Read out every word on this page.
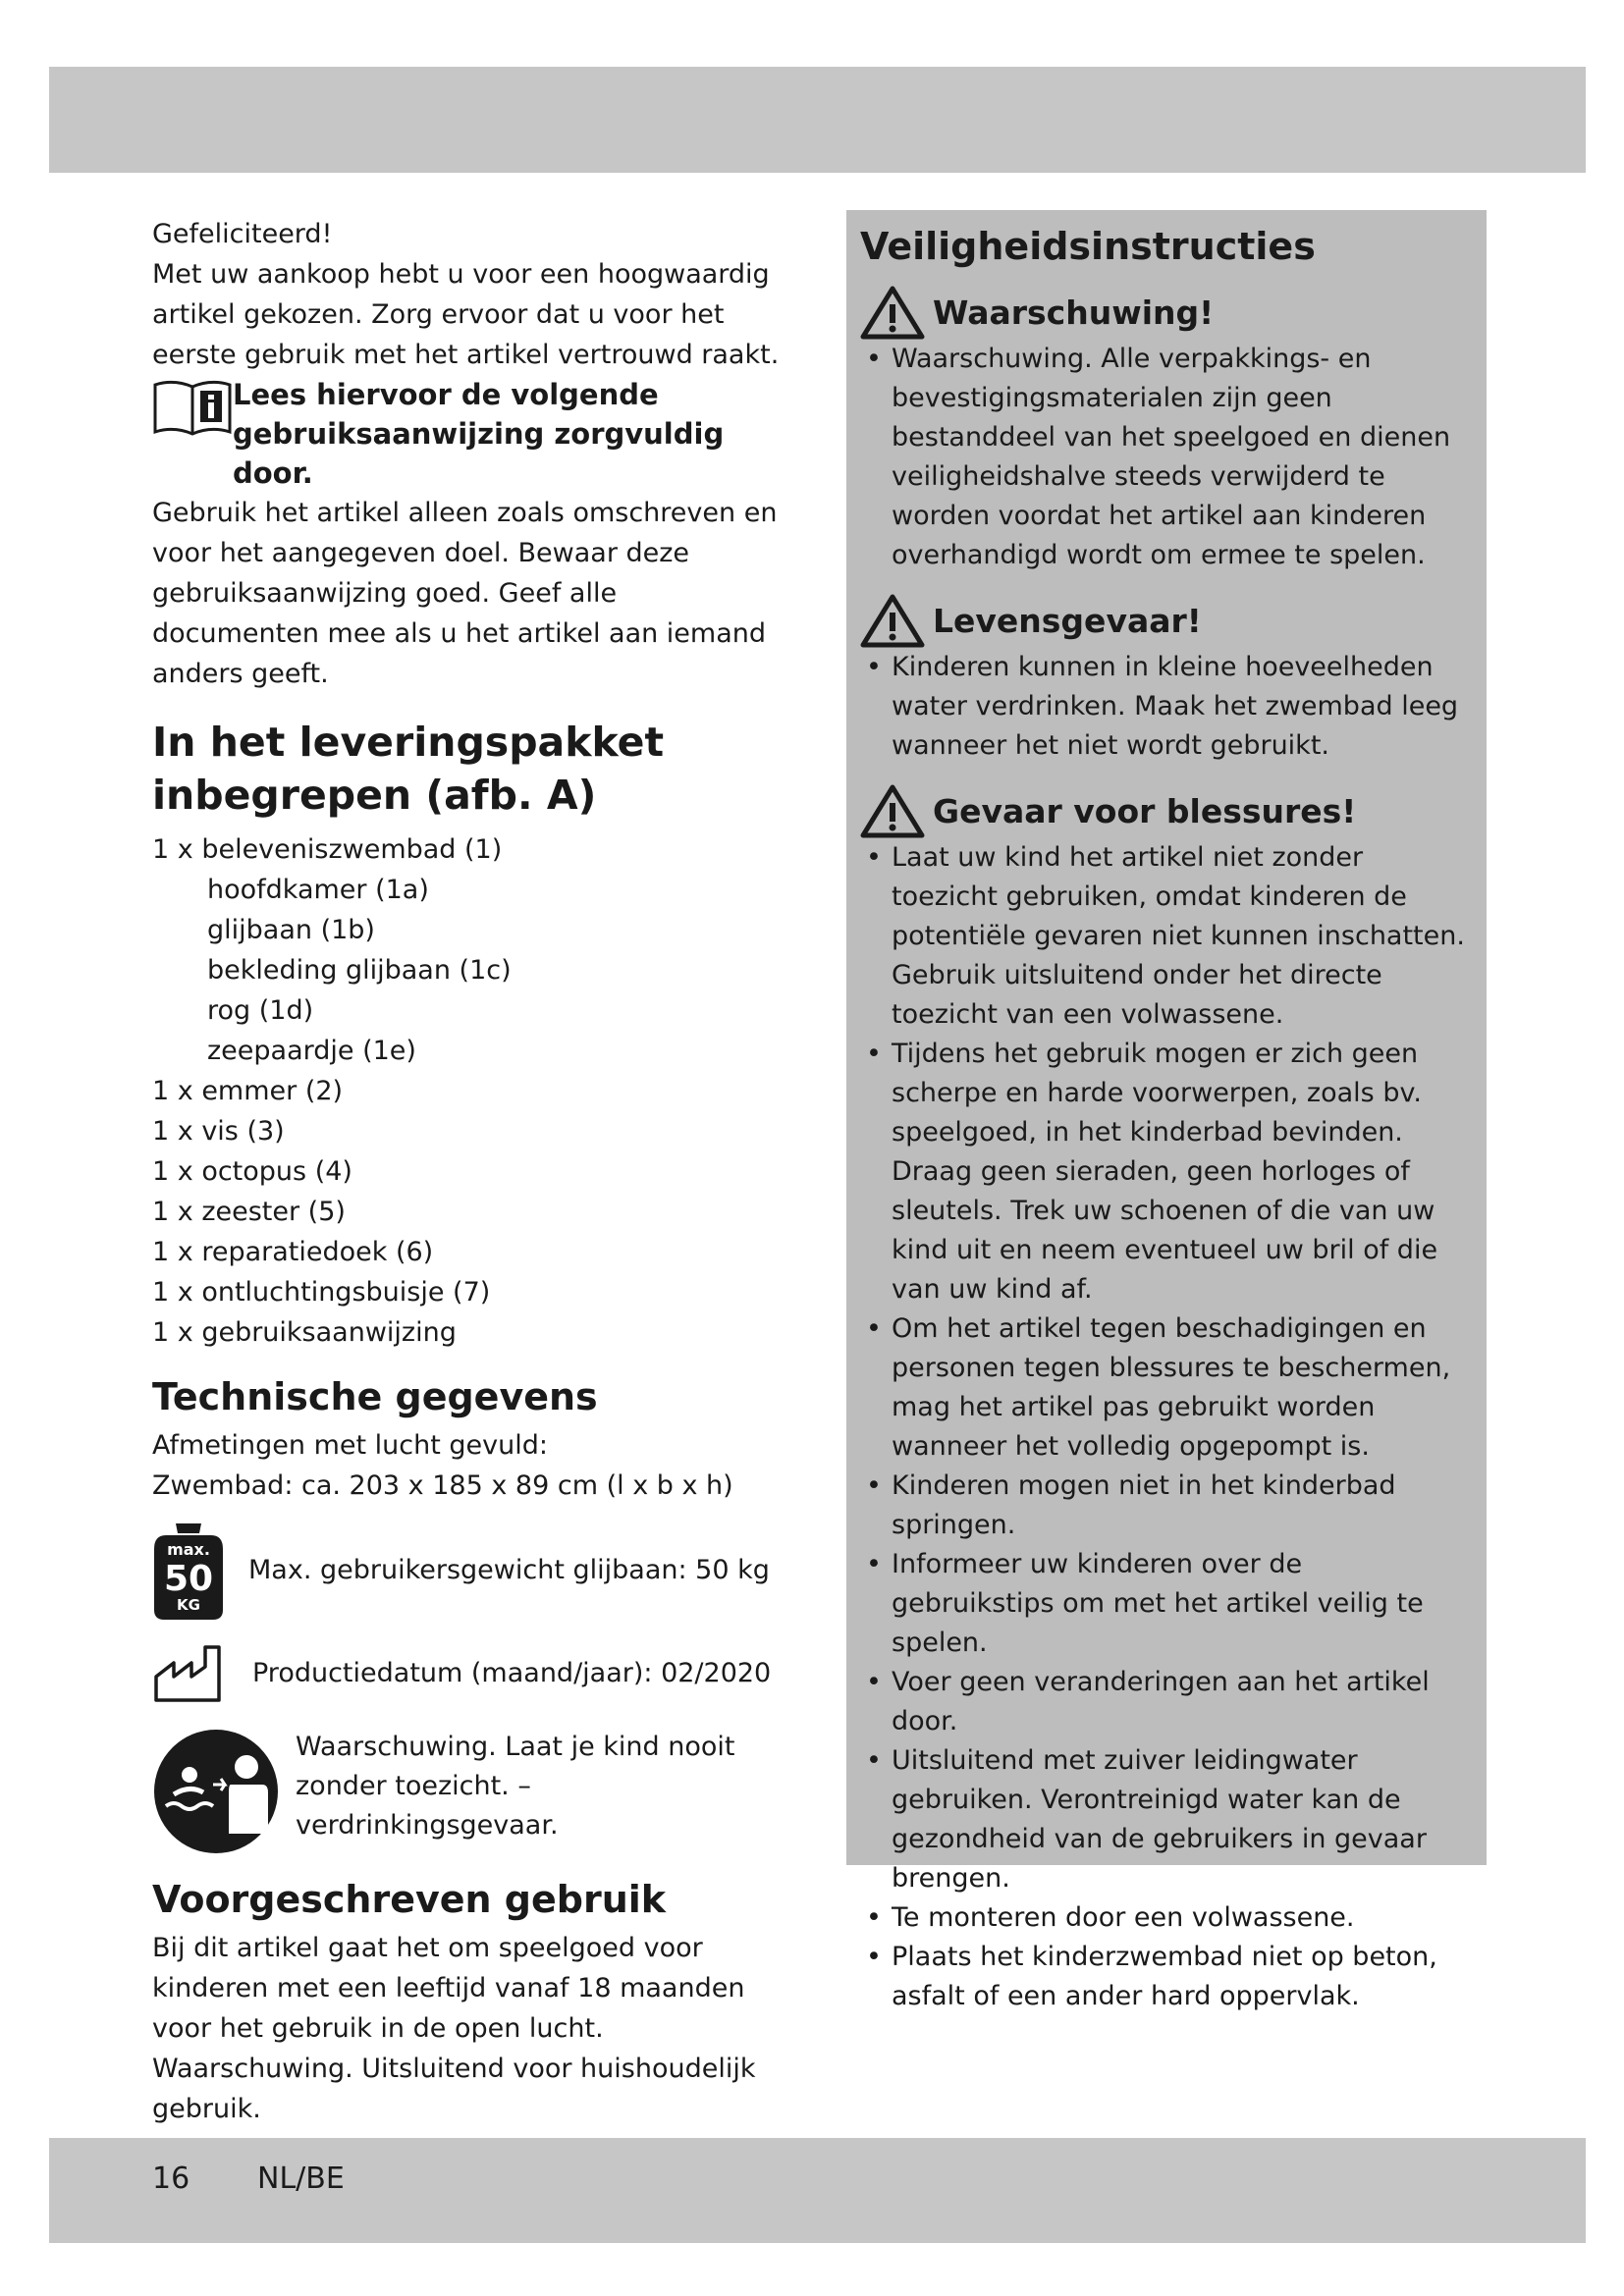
Gefeliciteerd!

Met uw aankoop hebt u voor een hoogwaardig artikel gekozen. Zorg ervoor dat u voor het eerste gebruik met het artikel vertrouwd raakt.

Lees hiervoor de volgende gebruiksaanwijzing zorgvuldig door.

Gebruik het artikel alleen zoals omschreven en voor het aangegeven doel. Bewaar deze gebruiksaanwijzing goed. Geef alle documenten mee als u het artikel aan iemand anders geeft.

In het leveringspakket
inbegrepen (afb. A)
1 x beleveniszwembad (1)
hoofdkamer (1a)
glijbaan (1b)
bekleding glijbaan (1c)
rog (1d)
zeepaardje (1e)
1 x emmer (2)
1 x vis (3)
1 x octopus (4)
1 x zeester (5)
1 x reparatiedoek (6)
1 x ontluchtingsbuisje (7)
1 x gebruiksaanwijzing
Technische gegevens

Afmetingen met lucht gevuld:

Zwembad: ca. 203 x 185 x 89 cm (l x b x h)

max.
50
KG
Max. gebruikersgewicht glijbaan: 50 kg
Productiedatum (maand/jaar): 02/2020
Waarschuwing. Laat je kind nooit zonder toezicht. – verdrinkingsgevaar.
Voorgeschreven gebruik

Bij dit artikel gaat het om speelgoed voor kinderen met een leeftijd vanaf 18 maanden voor het gebruik in de open lucht. Waarschuwing. Uitsluitend voor huishoudelijk gebruik.

Veiligheidsinstructies
Waarschuwing!
• Waarschuwing. Alle verpakkings- en bevestigingsmaterialen zijn geen bestanddeel van het speelgoed en dienen veiligheidshalve steeds verwijderd te worden voordat het artikel aan kinderen overhandigd wordt om ermee te spelen.
Levensgevaar!
• Kinderen kunnen in kleine hoeveelheden water verdrinken. Maak het zwembad leeg wanneer het niet wordt gebruikt.
Gevaar voor blessures!
• Laat uw kind het artikel niet zonder toezicht gebruiken, omdat kinderen de potentiële gevaren niet kunnen inschatten. Gebruik uitsluitend onder het directe toezicht van een volwassene.
• Tijdens het gebruik mogen er zich geen scherpe en harde voorwerpen, zoals bv. speelgoed, in het kinderbad bevinden. Draag geen sieraden, geen horloges of sleutels. Trek uw schoenen of die van uw kind uit en neem eventueel uw bril of die van uw kind af.
• Om het artikel tegen beschadigingen en personen tegen blessures te beschermen, mag het artikel pas gebruikt worden wanneer het volledig opgepompt is.
• Kinderen mogen niet in het kinderbad springen.
• Informeer uw kinderen over de gebruikstips om met het artikel veilig te spelen.
• Voer geen veranderingen aan het artikel door.
• Uitsluitend met zuiver leidingwater gebruiken. Verontreinigd water kan de gezondheid van de gebruikers in gevaar brengen.
• Te monteren door een volwassene.
• Plaats het kinderzwembad niet op beton, asfalt of een ander hard oppervlak.
16 NL/BE
